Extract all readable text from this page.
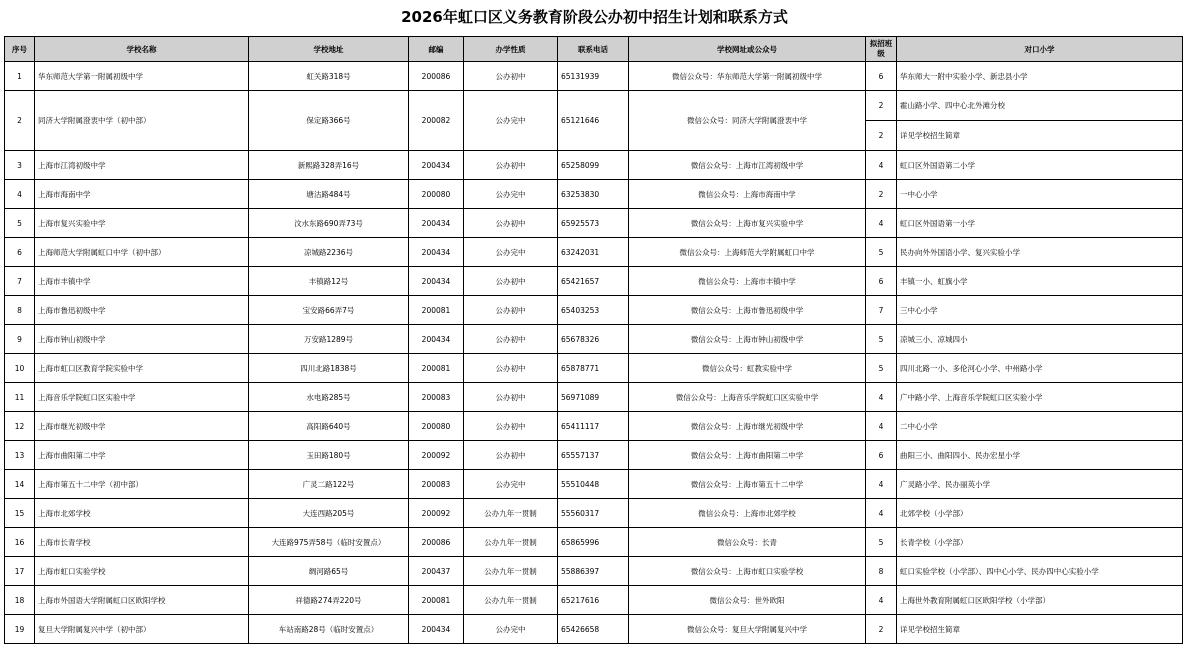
2026年虹口区义务教育阶段公办初中招生计划和联系方式
序号	学校名称	学校地址	邮编	办学性质	联系电话	学校网址或公众号	拟招班级	对口小学
1	华东师范大学第一附属初级中学	虹关路318号	200086	公办初中	65131939	微信公众号：华东师范大学第一附属初级中学	6	华东师大一附中实验小学、新忠县小学
2	同济大学附属澄衷中学（初中部）	保定路366号	200082	公办完中	65121646	微信公众号：同济大学附属澄衷中学	2	霍山路小学、四中心北外滩分校
							2	详见学校招生简章
3	上海市江湾初级中学	新熙路328弄16号	200434	公办初中	65258099	微信公众号：上海市江湾初级中学	4	虹口区外国语第二小学
4	上海市海南中学	塘沽路484号	200080	公办完中	63253830	微信公众号：上海市海南中学	2	一中心小学
5	上海市复兴实验中学	汶水东路690弄73号	200434	公办初中	65925573	微信公众号：上海市复兴实验中学	4	虹口区外国语第一小学
6	上海师范大学附属虹口中学（初中部）	凉城路2236号	200434	公办完中	63242031	微信公众号：上海师范大学附属虹口中学	5	民办向外外国语小学、复兴实验小学
7	上海市丰镇中学	丰镇路12号	200434	公办初中	65421657	微信公众号：上海市丰镇中学	6	丰镇一小、虹旗小学
8	上海市鲁迅初级中学	宝安路66弄7号	200081	公办初中	65403253	微信公众号：上海市鲁迅初级中学	7	三中心小学
9	上海市钟山初级中学	万安路1289号	200434	公办初中	65678326	微信公众号：上海市钟山初级中学	5	凉城三小、凉城四小
10	上海市虹口区教育学院实验中学	四川北路1838号	200081	公办初中	65878771	微信公众号：虹教实验中学	5	四川北路一小、多伦河心小学、中州路小学
11	上海音乐学院虹口区实验中学	水电路285号	200083	公办初中	56971089	微信公众号：上海音乐学院虹口区实验中学	4	广中路小学、上海音乐学院虹口区实验小学
12	上海市继光初级中学	高阳路640号	200080	公办初中	65411117	微信公众号：上海市继光初级中学	4	二中心小学
13	上海市曲阳第二中学	玉田路180号	200092	公办初中	65557137	微信公众号：上海市曲阳第二中学	6	曲阳三小、曲阳四小、民办宏星小学
14	上海市第五十二中学（初中部）	广灵二路122号	200083	公办完中	55510448	微信公众号：上海市第五十二中学	4	广灵路小学、民办丽英小学
15	上海市北郊学校	大连西路205号	200092	公办九年一贯制	55560317	微信公众号：上海市北郊学校	4	北郊学校（小学部）
16	上海市长青学校	大连路975弄58号（临时安置点）	200086	公办九年一贯制	65865996	微信公众号：长青	5	长青学校（小学部）
17	上海市虹口实验学校	绸河路65号	200437	公办九年一贯制	55886397	微信公众号：上海市虹口实验学校	8	虹口实验学校（小学部）、四中心小学、民办四中心实验小学
18	上海市外国语大学附属虹口区欧阳学校	祥德路274弄220号	200081	公办九年一贯制	65217616	微信公众号：世外欧阳	4	上海世外教育附属虹口区欧阳学校（小学部）
19	复旦大学附属复兴中学（初中部）	车站南路28号（临时安置点）	200434	公办完中	65426658	微信公众号：复旦大学附属复兴中学	2	详见学校招生简章
